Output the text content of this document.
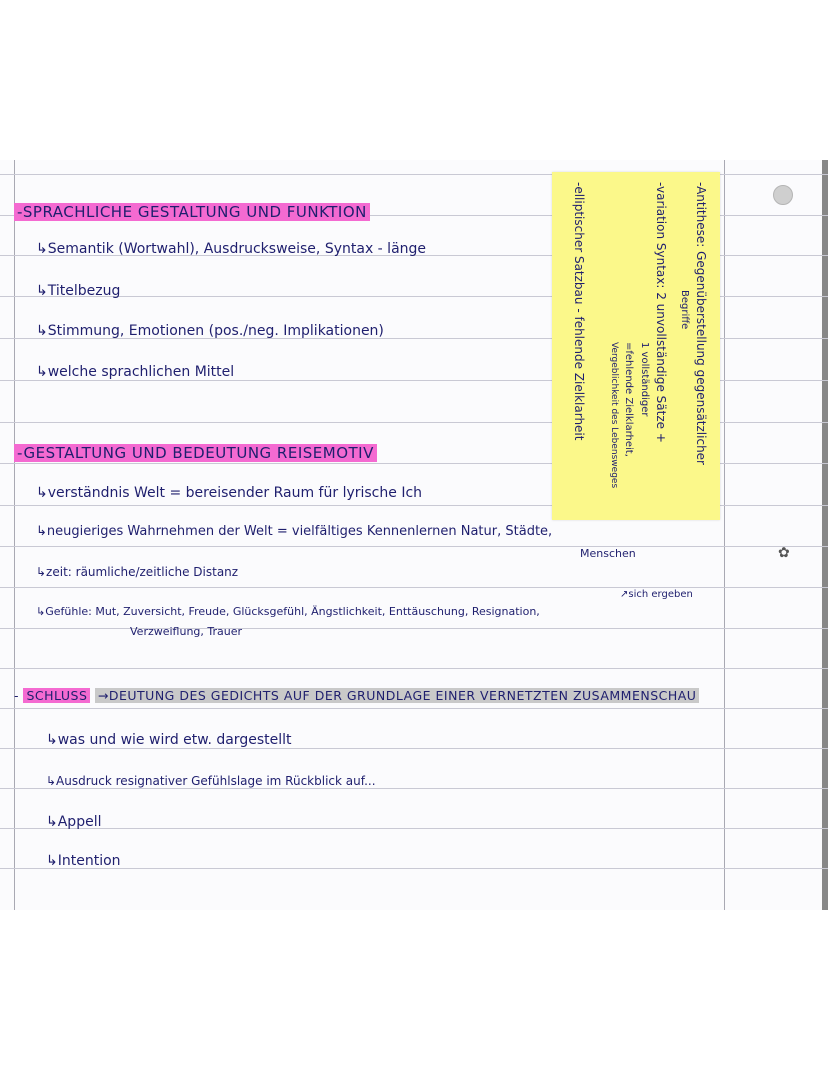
-SPRACHLICHE GESTALTUNG UND FUNKTION
↳Semantik (Wortwahl), Ausdrucksweise, Syntax - länge
↳Titelbezug
↳Stimmung, Emotionen (pos./neg. Implikationen)
↳welche sprachlichen Mittel	-Antithese: Gegenüberstellung gegensätzlicher
Begriffe
-variation Syntax: 2 unvollständige Sätze +
1 vollständiger
=fehlende Zielklarheit,
Vergeblichkeit des Lebensweges
-elliptischer Satzbau - fehlende Zielklarheit
-GESTALTUNG UND BEDEUTUNG REISEMOTIV
↳verständnis Welt = bereisender Raum für lyrische Ich
↳neugieriges Wahrnehmen der Welt = vielfältiges Kennenlernen Natur, Städte,
Menschen
↳zeit: räumliche/zeitliche Distanz
↗sich ergeben
↳Gefühle: Mut, Zuversicht, Freude, Glücksgefühl, Ängstlichkeit, Enttäuschung, Resignation,
Verzweiflung, Trauer
✿
- SCHLUSS →DEUTUNG DES GEDICHTS AUF DER GRUNDLAGE EINER VERNETZTEN ZUSAMMENSCHAU
↳was und wie wird etw. dargestellt
↳Ausdruck resignativer Gefühlslage im Rückblick auf...
↳Appell
↳Intention
